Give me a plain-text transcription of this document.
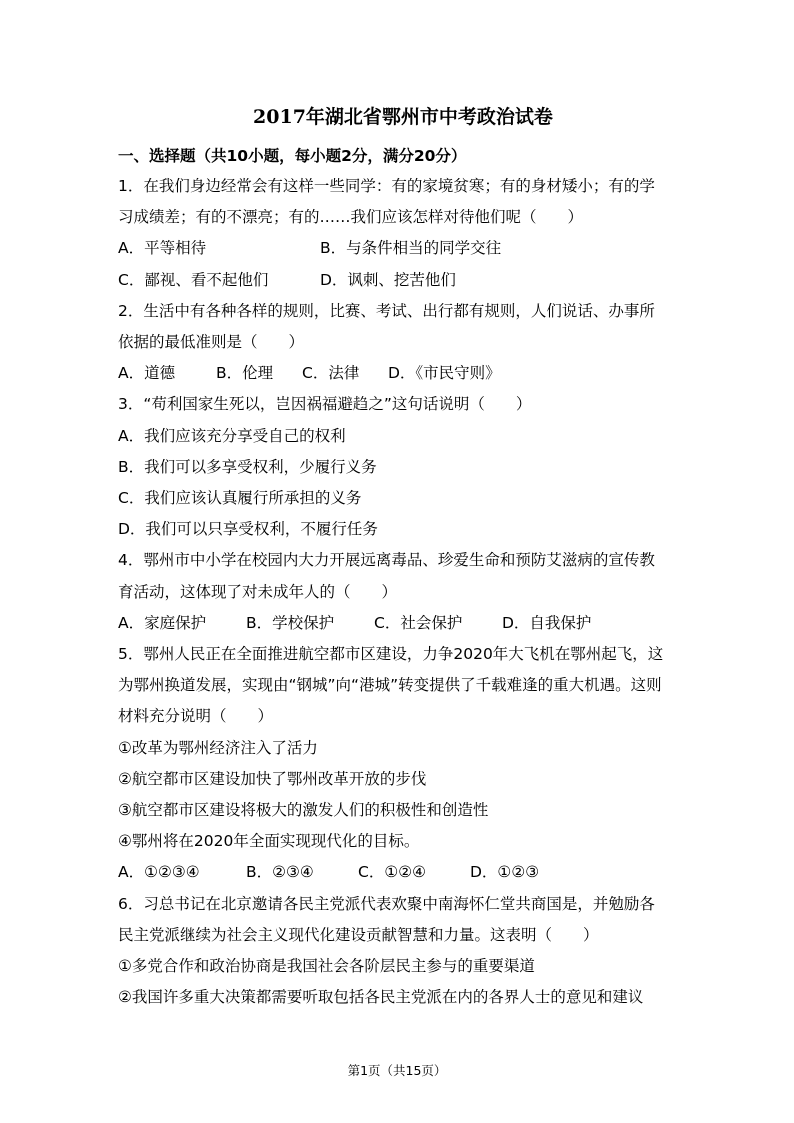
2017年湖北省鄂州市中考政治试卷
一、选择题（共10小题，每小题2分，满分20分）
1．在我们身边经常会有这样一些同学：有的家境贫寒；有的身材矮小；有的学
习成绩差；有的不漂亮；有的……我们应该怎样对待他们呢（　　）
A．平等相待	B．与条件相当的同学交往
C．鄙视、看不起他们	D．讽刺、挖苦他们
2．生活中有各种各样的规则，比赛、考试、出行都有规则，人们说话、办事所
依据的最低准则是（　　）
A．道德	B．伦理	C．法律	D．《市民守则》
3．“苟利国家生死以，岂因祸福避趋之”这句话说明（　　）
A．我们应该充分享受自己的权利
B．我们可以多享受权利，少履行义务
C．我们应该认真履行所承担的义务
D．我们可以只享受权利，不履行任务
4．鄂州市中小学在校园内大力开展远离毒品、珍爱生命和预防艾滋病的宣传教
育活动，这体现了对未成年人的（　　）
A．家庭保护	B．学校保护	C．社会保护	D．自我保护
5．鄂州人民正在全面推进航空都市区建设，力争2020年大飞机在鄂州起飞，这
为鄂州换道发展，实现由“钢城”向“港城”转变提供了千载难逢的重大机遇。这则
材料充分说明（　　）
①改革为鄂州经济注入了活力
②航空都市区建设加快了鄂州改革开放的步伐
③航空都市区建设将极大的激发人们的积极性和创造性
④鄂州将在2020年全面实现现代化的目标。
A．①②③④	B．②③④	C．①②④	D．①②③
6．习总书记在北京邀请各民主党派代表欢聚中南海怀仁堂共商国是，并勉励各
民主党派继续为社会主义现代化建设贡献智慧和力量。这表明（　　）
①多党合作和政治协商是我国社会各阶层民主参与的重要渠道
②我国许多重大决策都需要听取包括各民主党派在内的各界人士的意见和建议
第1页（共15页）
